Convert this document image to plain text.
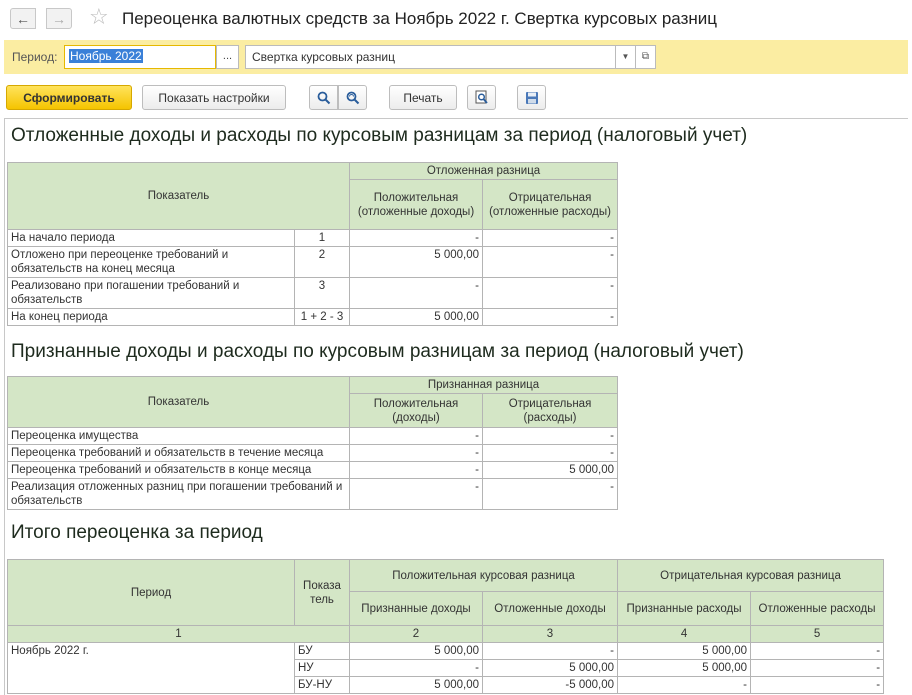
←	→ ☆ Переоценка валютных средств за Ноябрь 2022 г. Свертка курсовых разниц
Период:	Ноябрь 2022	...	Свертка курсовых разниц	▼	⧉
Сформировать	Показать настройки	Печать
Отложенные доходы и расходы по курсовым разницам за период (налоговый учет)
Показатель		Отложенная разница	
		Положительная (отложенные доходы)	Отрицательная (отложенные расходы)
На начало периода	1	-	-
Отложено при переоценке требований и обязательств на конец месяца	2	5 000,00	-
Реализовано при погашении требований и обязательств	3	-	-
На конец периода	1 + 2 - 3	5 000,00	-
Признанные доходы и расходы по курсовым разницам за период (налоговый учет)
Показатель	Признанная разница	
	Положительная (доходы)	Отрицательная (расходы)
Переоценка имущества	-	-
Переоценка требований и обязательств в течение месяца	-	-
Переоценка требований и обязательств в конце месяца	-	5 000,00
Реализация отложенных разниц при погашении требований и обязательств	-	-
Итого переоценка за период
Период	Показа тель	Положительная курсовая разница		Отрицательная курсовая разница	
		Признанные доходы	Отложенные доходы	Признанные расходы	Отложенные расходы
1		2	3	4	5
Ноябрь 2022 г.	БУ	5 000,00	-	5 000,00	-
	НУ	-	5 000,00	5 000,00	-
	БУ-НУ	5 000,00	-5 000,00	-	-
